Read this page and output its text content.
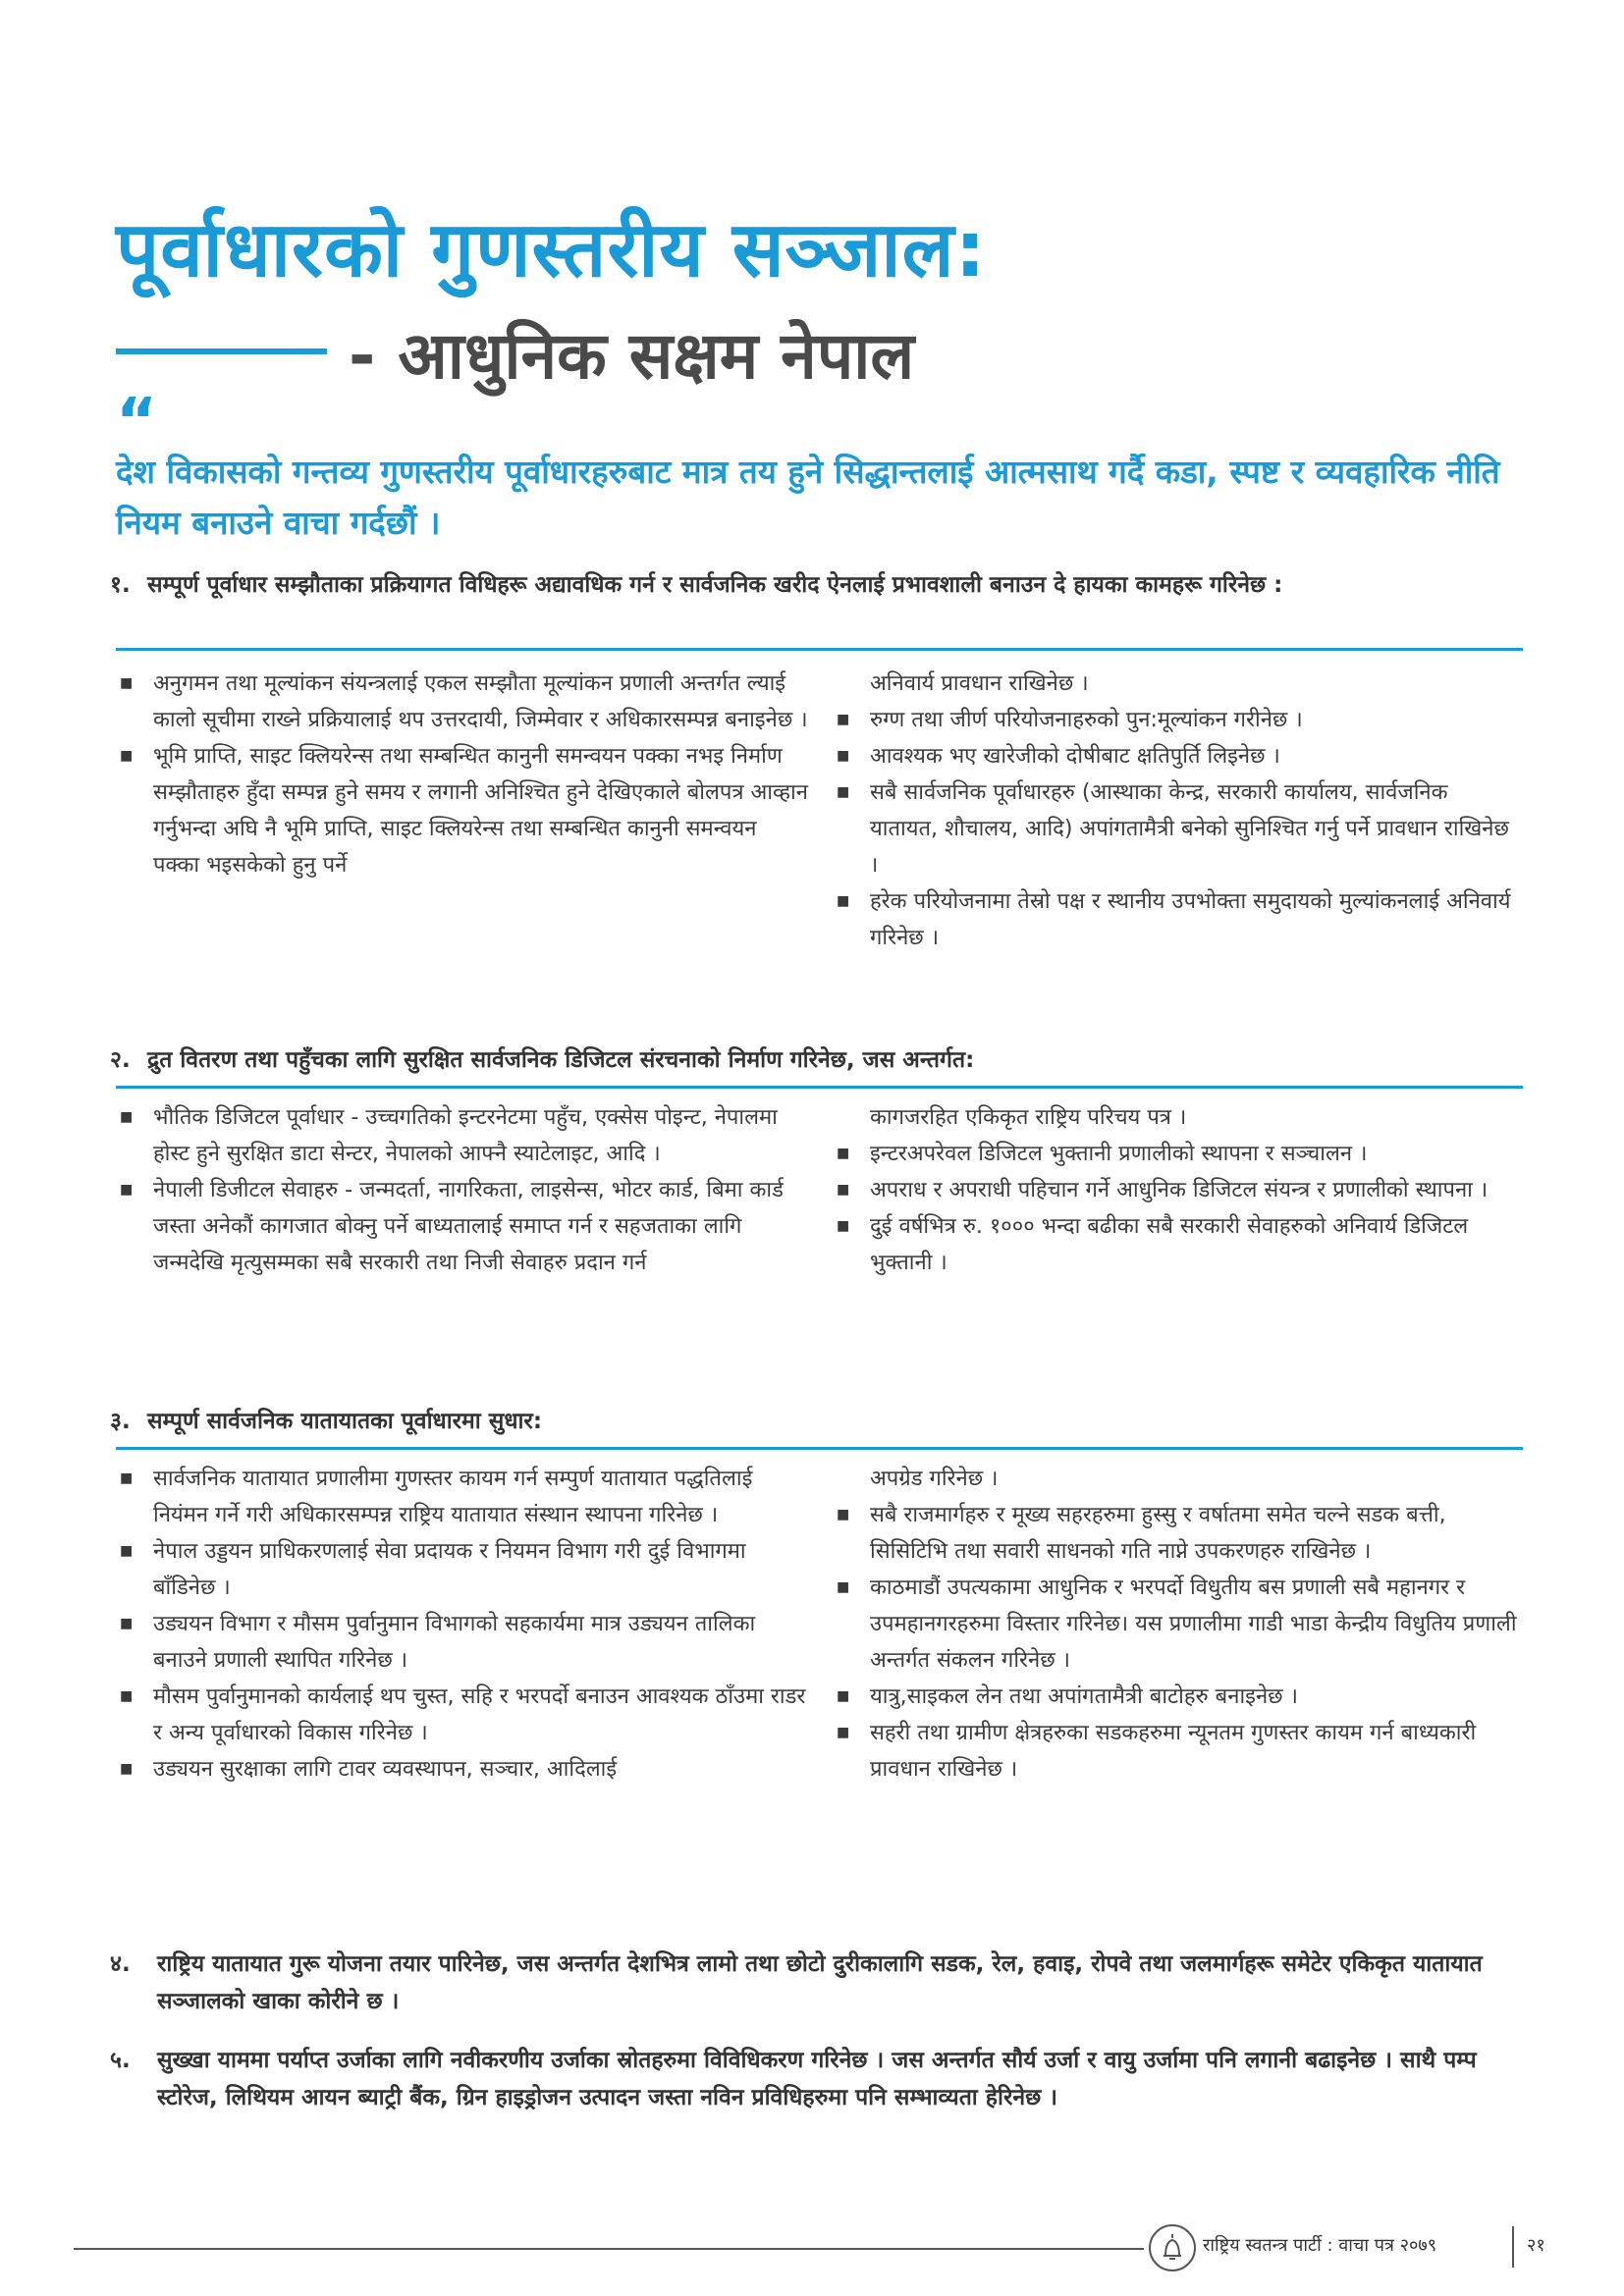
पूर्वाधारको गुणस्तरीय सञ्जाल:
- आधुनिक सक्षम नेपाल
“
देश विकासको गन्तव्य गुणस्तरीय पूर्वाधारहरुबाट मात्र तय हुने सिद्धान्तलाई आत्मसाथ गर्दै कडा, स्पष्ट र व्यवहारिक नीति नियम बनाउने वाचा गर्दछौं ।
१. सम्पूर्ण पूर्वाधार सम्झौताका प्रक्रियागत विधिहरू अद्यावधिक गर्न र सार्वजनिक खरीद ऐनलाई प्रभावशाली बनाउन दे हायका कामहरू गरिनेछ :
■ अनुगमन तथा मूल्यांकन संयन्त्रलाई एकल सम्झौता मूल्यांकन प्रणाली अन्तर्गत ल्याई कालो सूचीमा राख्ने प्रक्रियालाई थप उत्तरदायी, जिम्मेवार र अधिकारसम्पन्न बनाइनेछ ।
■ भूमि प्राप्ति, साइट क्लियरेन्स तथा सम्बन्धित कानुनी समन्वयन पक्का नभइ निर्माण सम्झौताहरु हुँदा सम्पन्न हुने समय र लगानी अनिश्चित हुने देखिएकाले बोलपत्र आव्हान गर्नुभन्दा अघि नै भूमि प्राप्ति, साइट क्लियरेन्स तथा सम्बन्धित कानुनी समन्वयन पक्का भइसकेको हुनु पर्ने
अनिवार्य प्रावधान राखिनेछ ।
■ रुग्ण तथा जीर्ण परियोजनाहरुको पुन:मूल्यांकन गरीनेछ ।
■ आवश्यक भए खारेजीको दोषीबाट क्षतिपुर्ति लिइनेछ ।
■ सबै सार्वजनिक पूर्वाधारहरु (आस्थाका केन्द्र, सरकारी कार्यालय, सार्वजनिक यातायत, शौचालय, आदि) अपांगतामैत्री बनेको सुनिश्चित गर्नु पर्ने प्रावधान राखिनेछ ।
■ हरेक परियोजनामा तेस्रो पक्ष र स्थानीय उपभोक्ता समुदायको मुल्यांकनलाई अनिवार्य गरिनेछ ।
२. द्रुत वितरण तथा पहुँचका लागि सुरक्षित सार्वजनिक डिजिटल संरचनाको निर्माण गरिनेछ, जस अन्तर्गत:
■ भौतिक डिजिटल पूर्वाधार - उच्चगतिको इन्टरनेटमा पहुँच, एक्सेस पोइन्ट, नेपालमा होस्ट हुने सुरक्षित डाटा सेन्टर, नेपालको आफ्नै स्याटेलाइट, आदि ।
■ नेपाली डिजीटल सेवाहरु - जन्मदर्ता, नागरिकता, लाइसेन्स, भोटर कार्ड, बिमा कार्ड जस्ता अनेकौं कागजात बोक्नु पर्ने बाध्यतालाई समाप्त गर्न र सहजताका लागि जन्मदेखि मृत्युसम्मका सबै सरकारी तथा निजी सेवाहरु प्रदान गर्न
कागजरहित एकिकृत राष्ट्रिय परिचय पत्र ।
■ इन्टरअपरेवल डिजिटल भुक्तानी प्रणालीको स्थापना र सञ्चालन ।
■ अपराध र अपराधी पहिचान गर्ने आधुनिक डिजिटल संयन्त्र र प्रणालीको स्थापना ।
■ दुई वर्षभित्र रु. १००० भन्दा बढीका सबै सरकारी सेवाहरुको अनिवार्य डिजिटल भुक्तानी ।
३. सम्पूर्ण सार्वजनिक यातायातका पूर्वाधारमा सुधार:
■ सार्वजनिक यातायात प्रणालीमा गुणस्तर कायम गर्न सम्पुर्ण यातायात पद्धतिलाई नियंमन गर्ने गरी अधिकारसम्पन्न राष्ट्रिय यातायात संस्थान स्थापना गरिनेछ ।
■ नेपाल उड्डयन प्राधिकरणलाई सेवा प्रदायक र नियमन विभाग गरी दुई विभागमा बाँडिनेछ ।
■ उड्ययन विभाग र मौसम पुर्वानुमान विभागको सहकार्यमा मात्र उड्ययन तालिका बनाउने प्रणाली स्थापित गरिनेछ ।
■ मौसम पुर्वानुमानको कार्यलाई थप चुस्त, सहि र भरपर्दो बनाउन आवश्यक ठाँउमा राडर र अन्य पूर्वाधारको विकास गरिनेछ ।
■ उड्ययन सुरक्षाका लागि टावर व्यवस्थापन, सञ्चार, आदिलाई
अपग्रेड गरिनेछ ।
■ सबै राजमार्गहरु र मूख्य सहरहरुमा हुस्सु र वर्षातमा समेत चल्ने सडक बत्ती, सिसिटिभि तथा सवारी साधनको गति नाप्ने उपकरणहरु राखिनेछ ।
■ काठमाडौं उपत्यकामा आधुनिक र भरपर्दो विधुतीय बस प्रणाली सबै महानगर र उपमहानगरहरुमा विस्तार गरिनेछ। यस प्रणालीमा गाडी भाडा केन्द्रीय विधुतिय प्रणाली अन्तर्गत संकलन गरिनेछ ।
■ यात्रु,साइकल लेन तथा अपांगतामैत्री बाटोहरु बनाइनेछ ।
■ सहरी तथा ग्रामीण क्षेत्रहरुका सडकहरुमा न्यूनतम गुणस्तर कायम गर्न बाध्यकारी प्रावधान राखिनेछ ।
४.	राष्ट्रिय यातायात गुरू योजना तयार पारिनेछ, जस अन्तर्गत देशभित्र लामो तथा छोटो दुरीकालागि सडक, रेल, हवाइ, रोपवे तथा जलमार्गहरू समेटेर एकिकृत यातायात सञ्जालको खाका कोरीने छ ।
५.	सुख्खा याममा पर्याप्त उर्जाका लागि नवीकरणीय उर्जाका स्रोतहरुमा विविधिकरण गरिनेछ । जस अन्तर्गत सौर्य उर्जा र वायु उर्जामा पनि लगानी बढाइनेछ । साथै पम्प स्टोरेज, लिथियम आयन ब्याट्री बैंक, ग्रिन हाइड्रोजन उत्पादन जस्ता नविन प्रविधिहरुमा पनि सम्भाव्यता हेरिनेछ ।
राष्ट्रिय स्वतन्त्र पार्टी : वाचा पत्र २०७९	२१
